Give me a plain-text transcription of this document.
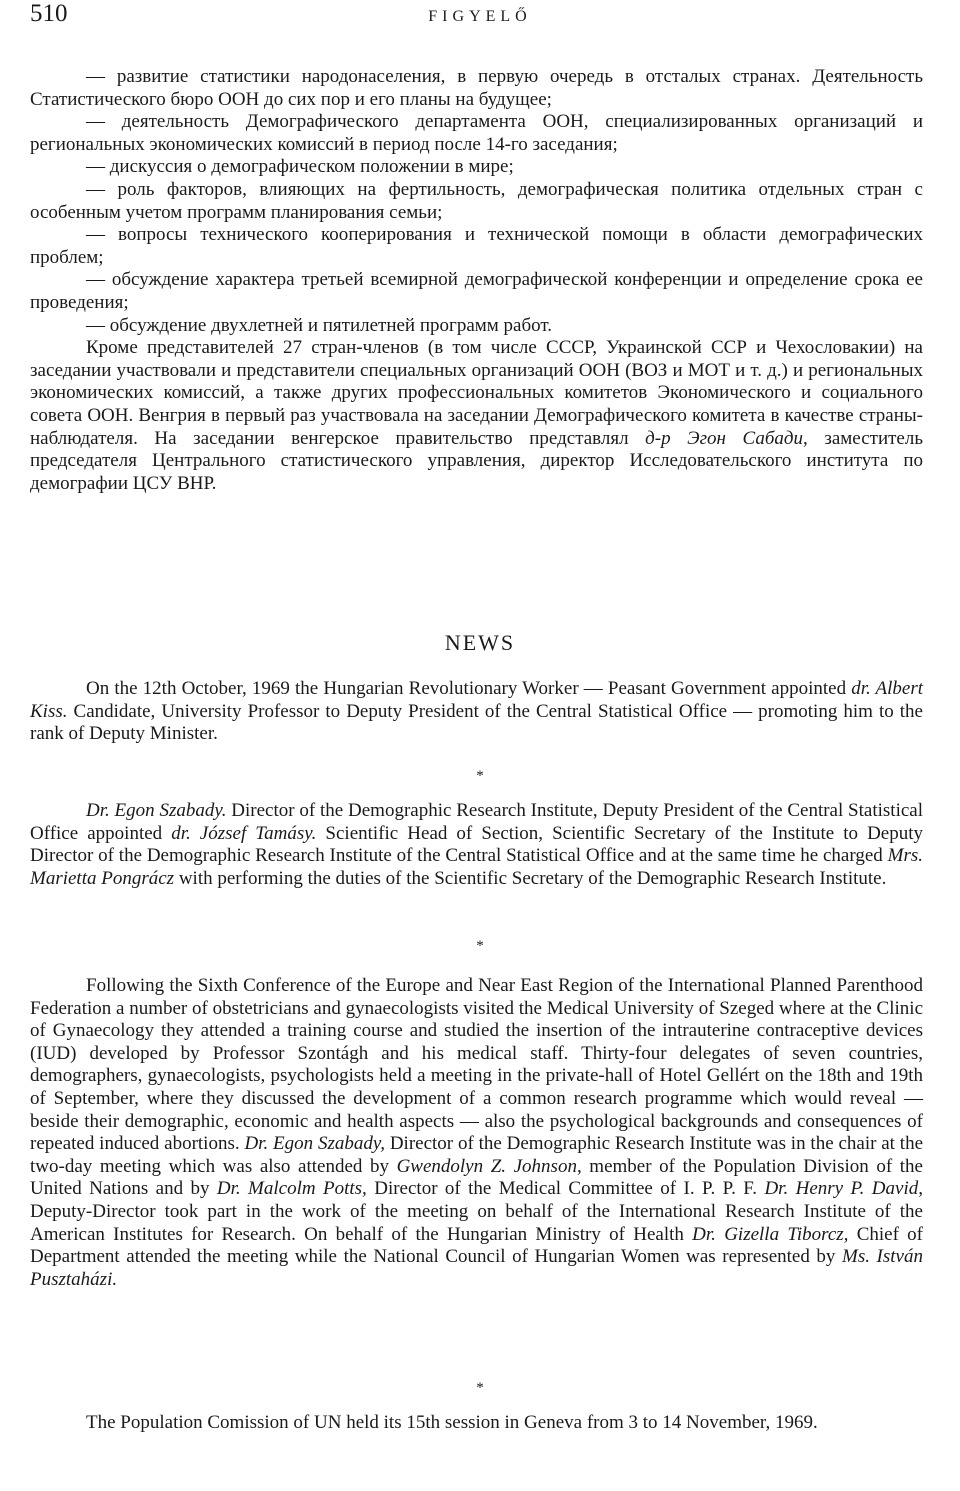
510	FIGYELŐ

— развитие статистики народонаселения, в первую очередь в отсталых странах. Деятельность Статистического бюро ООН до сих пор и его планы на будущее;

— деятельность Демографического департамента ООН, специализированных организаций и региональных экономических комиссий в период после 14-го заседания;

— дискуссия о демографическом положении в мире;

— роль факторов, влияющих на фертильность, демографическая политика отдельных стран с особенным учетом программ планирования семьи;

— вопросы технического кооперирования и технической помощи в области демографических проблем;

— обсуждение характера третьей всемирной демографической конференции и определение срока ее проведения;

— обсуждение двухлетней и пятилетней программ работ.

Кроме представителей 27 стран-членов (в том числе СССР, Украинской ССР и Чехословакии) на заседании участвовали и представители специальных организаций ООН (ВОЗ и МОТ и т. д.) и региональных экономических комиссий, а также других профессиональных комитетов Экономического и социального совета ООН. Венгрия в первый раз участвовала на заседании Демографического комитета в качестве страны-наблюдателя. На заседании венгерское правительство представлял д-р Эгон Сабади, заместитель председателя Центрального статистического управления, директор Исследовательского института по демографии ЦСУ ВНР.

NEWS

On the 12th October, 1969 the Hungarian Revolutionary Worker — Peasant Government appointed dr. Albert Kiss. Candidate, University Professor to Deputy President of the Central Statistical Office — promoting him to the rank of Deputy Minister.

*

Dr. Egon Szabady. Director of the Demographic Research Institute, Deputy President of the Central Statistical Office appointed dr. József Tamásy. Scientific Head of Section, Scientific Secretary of the Institute to Deputy Director of the Demographic Research Institute of the Central Statistical Office and at the same time he charged Mrs. Marietta Pongrácz with performing the duties of the Scientific Secretary of the Demographic Research Institute.

*

Following the Sixth Conference of the Europe and Near East Region of the International Planned Parenthood Federation a number of obstetricians and gynaecologists visited the Medical University of Szeged where at the Clinic of Gynaecology they attended a training course and studied the insertion of the intrauterine contraceptive devices (IUD) developed by Professor Szontágh and his medical staff. Thirty-four delegates of seven countries, demographers, gynaecologists, psychologists held a meeting in the private-hall of Hotel Gellért on the 18th and 19th of September, where they discussed the development of a common research programme which would reveal — beside their demographic, economic and health aspects — also the psychological backgrounds and consequences of repeated induced abortions. Dr. Egon Szabady, Director of the Demographic Research Institute was in the chair at the two-day meeting which was also attended by Gwendolyn Z. Johnson, member of the Population Division of the United Nations and by Dr. Malcolm Potts, Director of the Medical Committee of I. P. P. F. Dr. Henry P. David, Deputy-Director took part in the work of the meeting on behalf of the International Research Institute of the American Institutes for Research. On behalf of the Hungarian Ministry of Health Dr. Gizella Tiborcz, Chief of Department attended the meeting while the National Council of Hungarian Women was represented by Ms. István Pusztaházi.

*

The Population Comission of UN held its 15th session in Geneva from 3 to 14 November, 1969.
